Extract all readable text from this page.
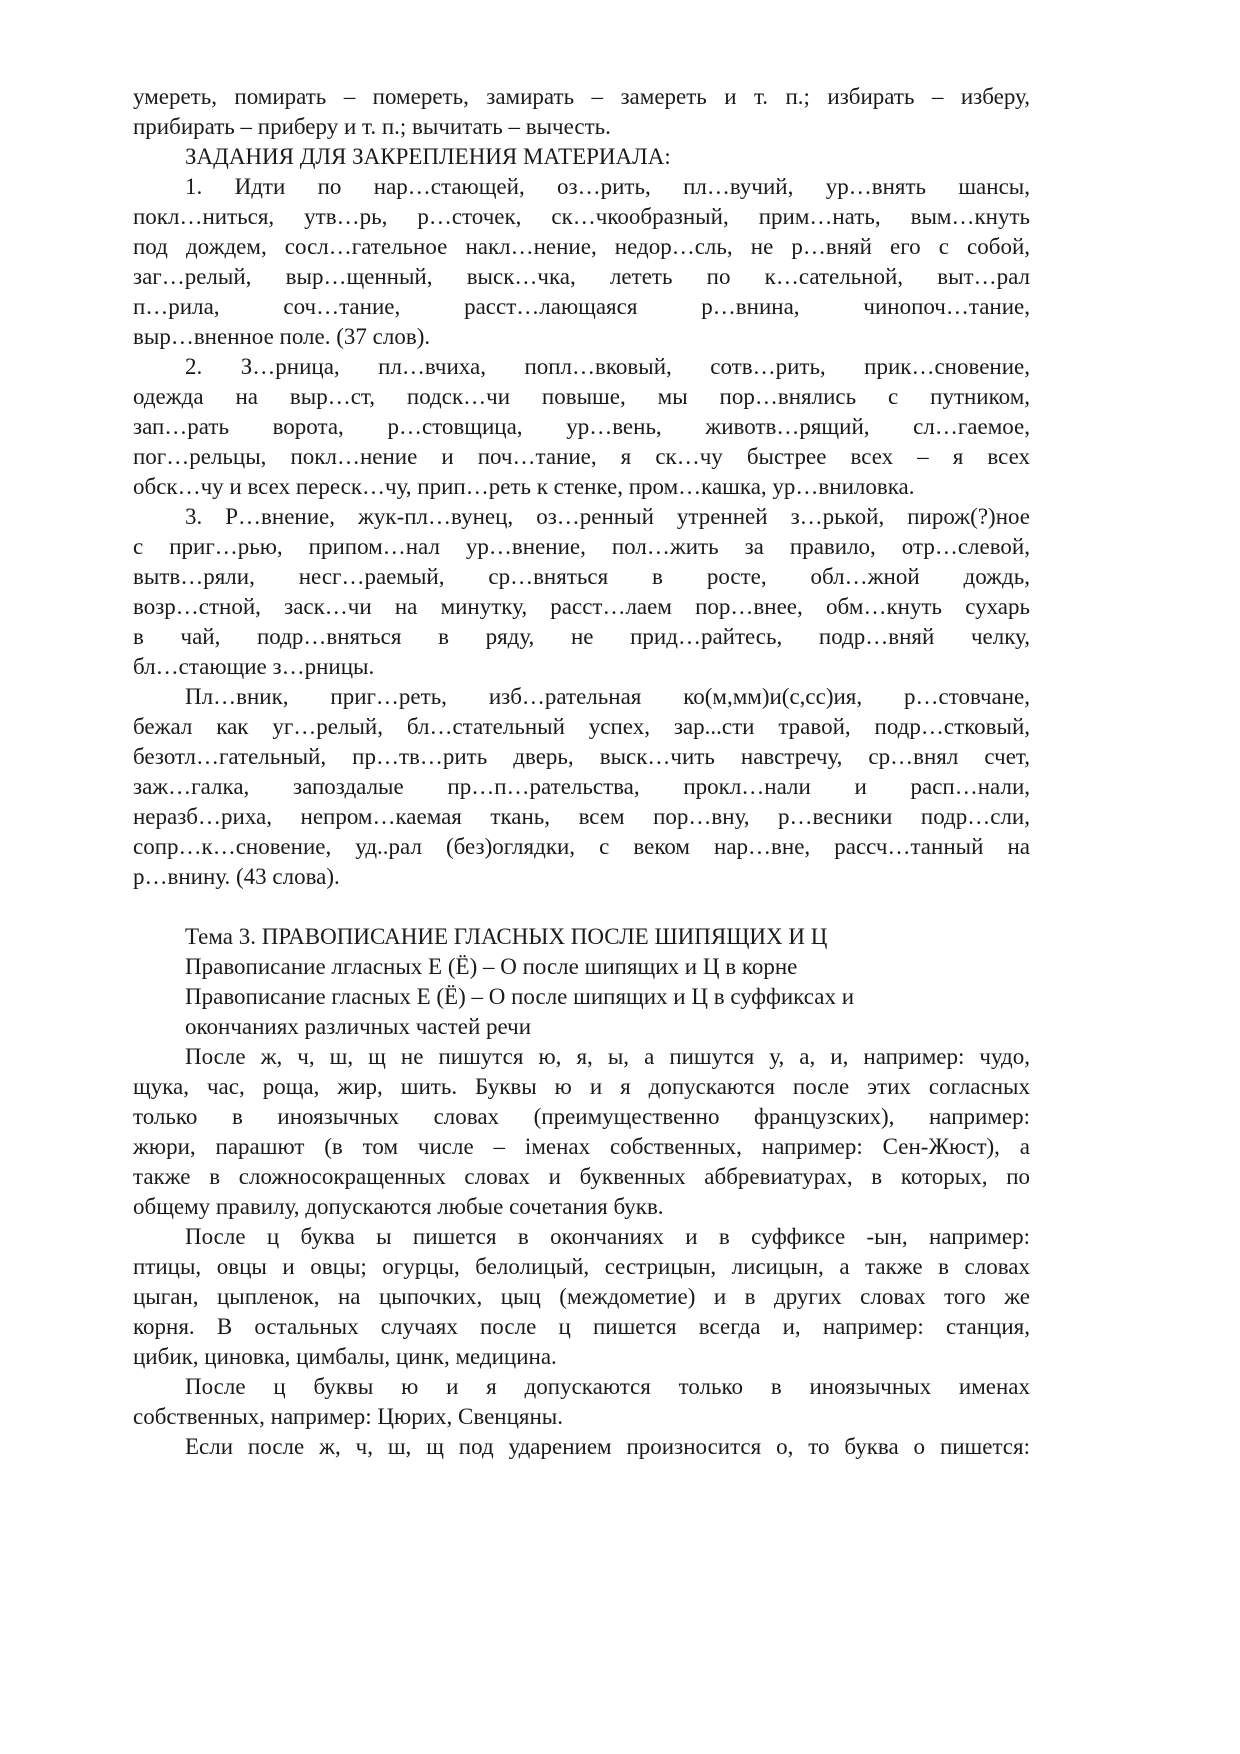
умереть, помирать – помереть, замирать – замереть и т. п.; избирать – изберу,
прибирать – приберу и т. п.; вычитать – вычесть.
ЗАДАНИЯ ДЛЯ ЗАКРЕПЛЕНИЯ МАТЕРИАЛА:
1. Идти по нар…стающей, оз…рить, пл…вучий, ур…внять шансы,
покл…ниться, утв…рь, р…сточек, ск…чкообразный, прим…нать, вым…кнуть
под дождем, сосл…гательное накл…нение, недор…сль, не р…вняй его с собой,
заг…релый, выр…щенный, выск…чка, лететь по к…сательной, выт…рал
п…рила, соч…тание, расст…лающаяся р…внина, чинопоч…тание,
выр…вненное поле. (37 слов).
2. З…рница, пл…вчиха, попл…вковый, сотв…рить, прик…сновение,
одежда на выр…ст, подск…чи повыше, мы пор…внялись с путником,
зап…рать ворота, р…стовщица, ур…вень, животв…рящий, сл…гаемое,
пог…рельцы, покл…нение и поч…тание, я ск…чу быстрее всех – я всех
обск…чу и всех переск…чу, прип…реть к стенке, пром…кашка, ур…вниловка.
3. Р…внение, жук-пл…вунец, оз…ренный утренней з…рькой, пирож(?)ное
с приг…рью, припом…нал ур…внение, пол…жить за правило, отр…слевой,
вытв…ряли, несг…раемый, ср…вняться в росте, обл…жной дождь,
возр…стной, заск…чи на минутку, расст…лаем пор…внее, обм…кнуть сухарь
в чай, подр…вняться в ряду, не прид…райтесь, подр…вняй челку,
бл…стающие з…рницы.
Пл…вник, приг…реть, изб…рательная ко(м,мм)и(с,сс)ия, р…стовчане,
бежал как уг…релый, бл…стательный успех, зар...сти травой, подр…стковый,
безотл…гательный, пр…тв…рить дверь, выск…чить навстречу, ср…внял счет,
заж…галка, запоздалые пр…п…рательства, прокл…нали и расп…нали,
неразб…риха, непром…каемая ткань, всем пор…вну, р…весники подр…сли,
сопр…к…сновение, уд..рал (без)оглядки, с веком нар…вне, рассч…танный на
р…внину. (43 слова).
Тема 3. ПРАВОПИСАНИЕ ГЛАСНЫХ ПОСЛЕ ШИПЯЩИХ И Ц
Правописание лгласных Е (Ё) – О после шипящих и Ц в корне
Правописание гласных Е (Ё) – О после шипящих и Ц в суффиксах и
окончаниях различных частей речи
После ж, ч, ш, щ не пишутся ю, я, ы, а пишутся у, а, и, например: чудо,
щука, час, роща, жир, шить. Буквы ю и я допускаются после этих согласных
только в иноязычных словах (преимущественно французских), например:
жюри, парашют (в том числе – iменах собственных, например: Сен-Жюст), а
также в сложносокращенных словах и буквенных аббревиатурах, в которых, по
общему правилу, допускаются любые сочетания букв.
После ц буква ы пишется в окончаниях и в суффиксе -ын, например:
птицы, овцы и овцы; огурцы, белолицый, сестрицын, лисицын, а также в словах
цыган, цыпленок, на цыпочких, цыц (междометие) и в других словах того же
корня. В остальных случаях после ц пишется всегда и, например: станция,
цибик, циновка, цимбалы, цинк, медицина.
После ц буквы ю и я допускаются только в иноязычных именах
собственных, например: Цюрих, Свенцяны.
Если после ж, ч, ш, щ под ударением произносится о, то буква о пишется:
